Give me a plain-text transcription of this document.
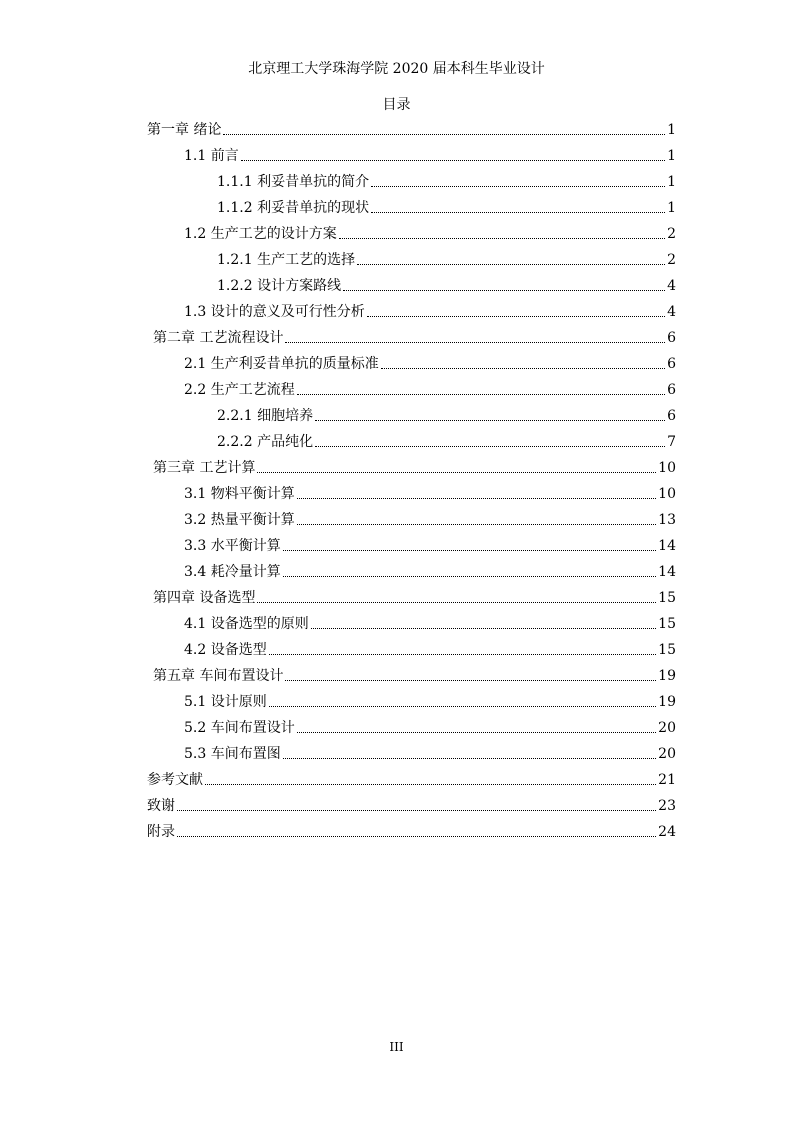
北京理工大学珠海学院 2020 届本科生毕业设计
目录
第一章 绪论	1
1.1 前言	1
1.1.1 利妥昔单抗的简介	1
1.1.2 利妥昔单抗的现状	1
1.2 生产工艺的设计方案	2
1.2.1 生产工艺的选择	2
1.2.2 设计方案路线	4
1.3 设计的意义及可行性分析	4
第二章 工艺流程设计	6
2.1 生产利妥昔单抗的质量标准	6
2.2 生产工艺流程	6
2.2.1 细胞培养	6
2.2.2 产品纯化	7
第三章 工艺计算	10
3.1 物料平衡计算	10
3.2 热量平衡计算	13
3.3 水平衡计算	14
3.4 耗冷量计算	14
第四章 设备选型	15
4.1 设备选型的原则	15
4.2 设备选型	15
第五章 车间布置设计	19
5.1 设计原则	19
5.2 车间布置设计	20
5.3 车间布置图	20
参考文献	21
致谢	23
附录	24
III
